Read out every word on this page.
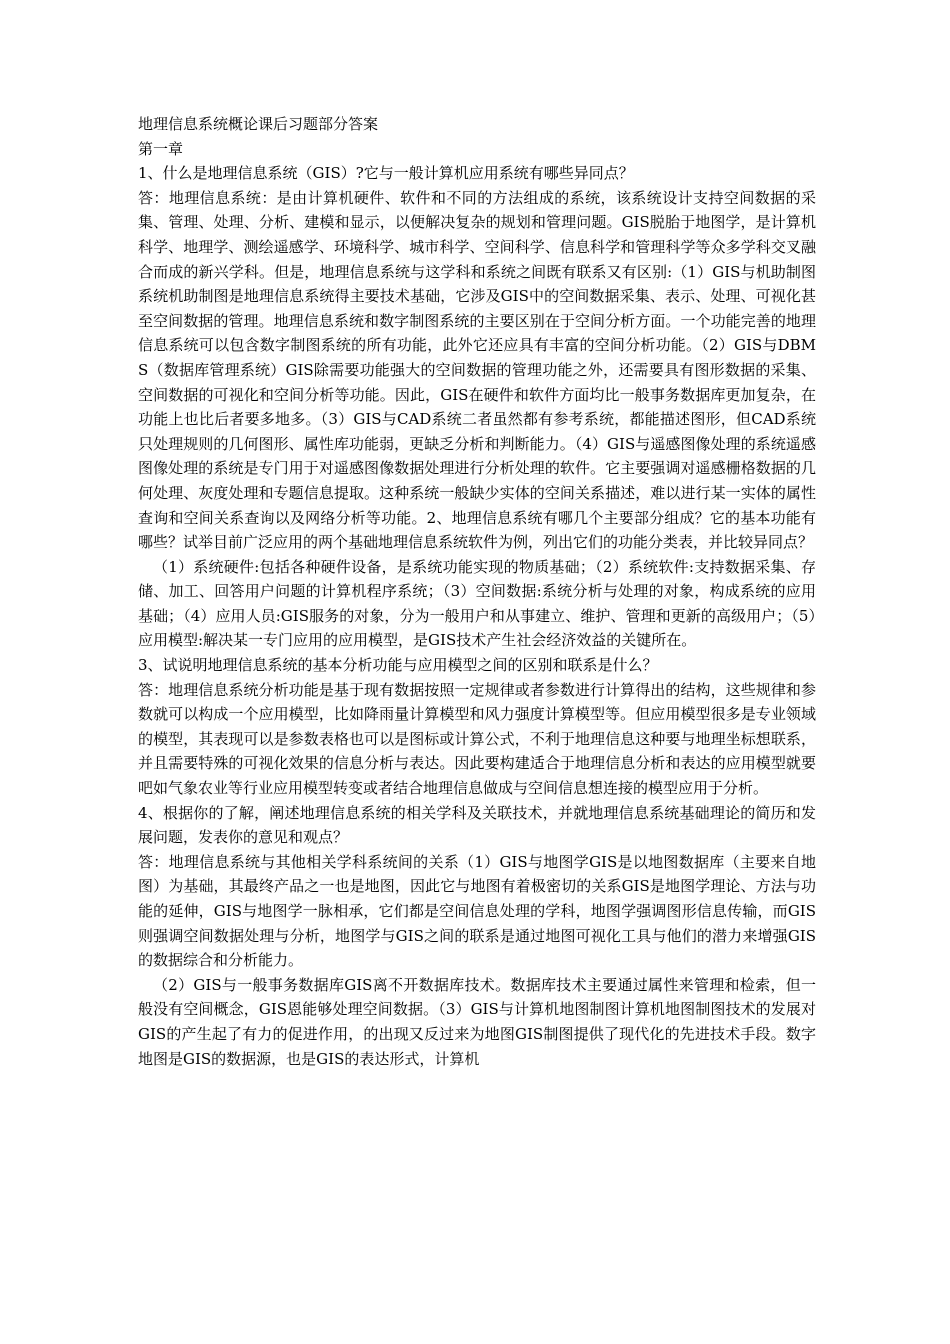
地理信息系统概论课后习题部分答案

第一章

1、什么是地理信息系统（GIS）?它与一般计算机应用系统有哪些异同点？

答：地理信息系统：是由计算机硬件、软件和不同的方法组成的系统，该系统设计支持空间数据的采集、管理、处理、分析、建模和显示，以便解决复杂的规划和管理问题。GIS脱胎于地图学，是计算机科学、地理学、测绘遥感学、环境科学、城市科学、空间科学、信息科学和管理科学等众多学科交叉融合而成的新兴学科。但是，地理信息系统与这学科和系统之间既有联系又有区别:（1）GIS与机助制图系统机助制图是地理信息系统得主要技术基础，它涉及GIS中的空间数据采集、表示、处理、可视化甚至空间数据的管理。地理信息系统和数字制图系统的主要区别在于空间分析方面。一个功能完善的地理信息系统可以包含数字制图系统的所有功能，此外它还应具有丰富的空间分析功能。（2）GIS与DBMS（数据库管理系统）GIS除需要功能强大的空间数据的管理功能之外，还需要具有图形数据的采集、空间数据的可视化和空间分析等功能。因此，GIS在硬件和软件方面均比一般事务数据库更加复杂，在功能上也比后者要多地多。（3）GIS与CAD系统二者虽然都有参考系统，都能描述图形，但CAD系统只处理规则的几何图形、属性库功能弱，更缺乏分析和判断能力。（4）GIS与遥感图像处理的系统遥感图像处理的系统是专门用于对遥感图像数据处理进行分析处理的软件。它主要强调对遥感栅格数据的几何处理、灰度处理和专题信息提取。这种系统一般缺少实体的空间关系描述，难以进行某一实体的属性查询和空间关系查询以及网络分析等功能。2、地理信息系统有哪几个主要部分组成？它的基本功能有哪些？试举目前广泛应用的两个基础地理信息系统软件为例，列出它们的功能分类表，并比较异同点？

（1）系统硬件:包括各种硬件设备，是系统功能实现的物质基础；（2）系统软件:支持数据采集、存储、加工、回答用户问题的计算机程序系统；（3）空间数据:系统分析与处理的对象，构成系统的应用基础；（4）应用人员:GIS服务的对象，分为一般用户和从事建立、维护、管理和更新的高级用户；（5）应用模型:解决某一专门应用的应用模型，是GIS技术产生社会经济效益的关键所在。

3、试说明地理信息系统的基本分析功能与应用模型之间的区别和联系是什么？

答：地理信息系统分析功能是基于现有数据按照一定规律或者参数进行计算得出的结构，这些规律和参数就可以构成一个应用模型，比如降雨量计算模型和风力强度计算模型等。但应用模型很多是专业领域的模型，其表现可以是参数表格也可以是图标或计算公式，不利于地理信息这种要与地理坐标想联系，并且需要特殊的可视化效果的信息分析与表达。因此要构建适合于地理信息分析和表达的应用模型就要吧如气象农业等行业应用模型转变或者结合地理信息做成与空间信息想连接的模型应用于分析。

4、根据你的了解，阐述地理信息系统的相关学科及关联技术，并就地理信息系统基础理论的简历和发展问题，发表你的意见和观点？

答：地理信息系统与其他相关学科系统间的关系（1）GIS与地图学GIS是以地图数据库（主要来自地图）为基础，其最终产品之一也是地图，因此它与地图有着极密切的关系GIS是地图学理论、方法与功能的延伸，GIS与地图学一脉相承，它们都是空间信息处理的学科，地图学强调图形信息传输，而GIS则强调空间数据处理与分析，地图学与GIS之间的联系是通过地图可视化工具与他们的潜力来增强GIS的数据综合和分析能力。

（2）GIS与一般事务数据库GIS离不开数据库技术。数据库技术主要通过属性来管理和检索，但一般没有空间概念，GIS恩能够处理空间数据。（3）GIS与计算机地图制图计算机地图制图技术的发展对GIS的产生起了有力的促进作用，的出现又反过来为地图GIS制图提供了现代化的先进技术手段。数字地图是GIS的数据源，也是GIS的表达形式，计算机
